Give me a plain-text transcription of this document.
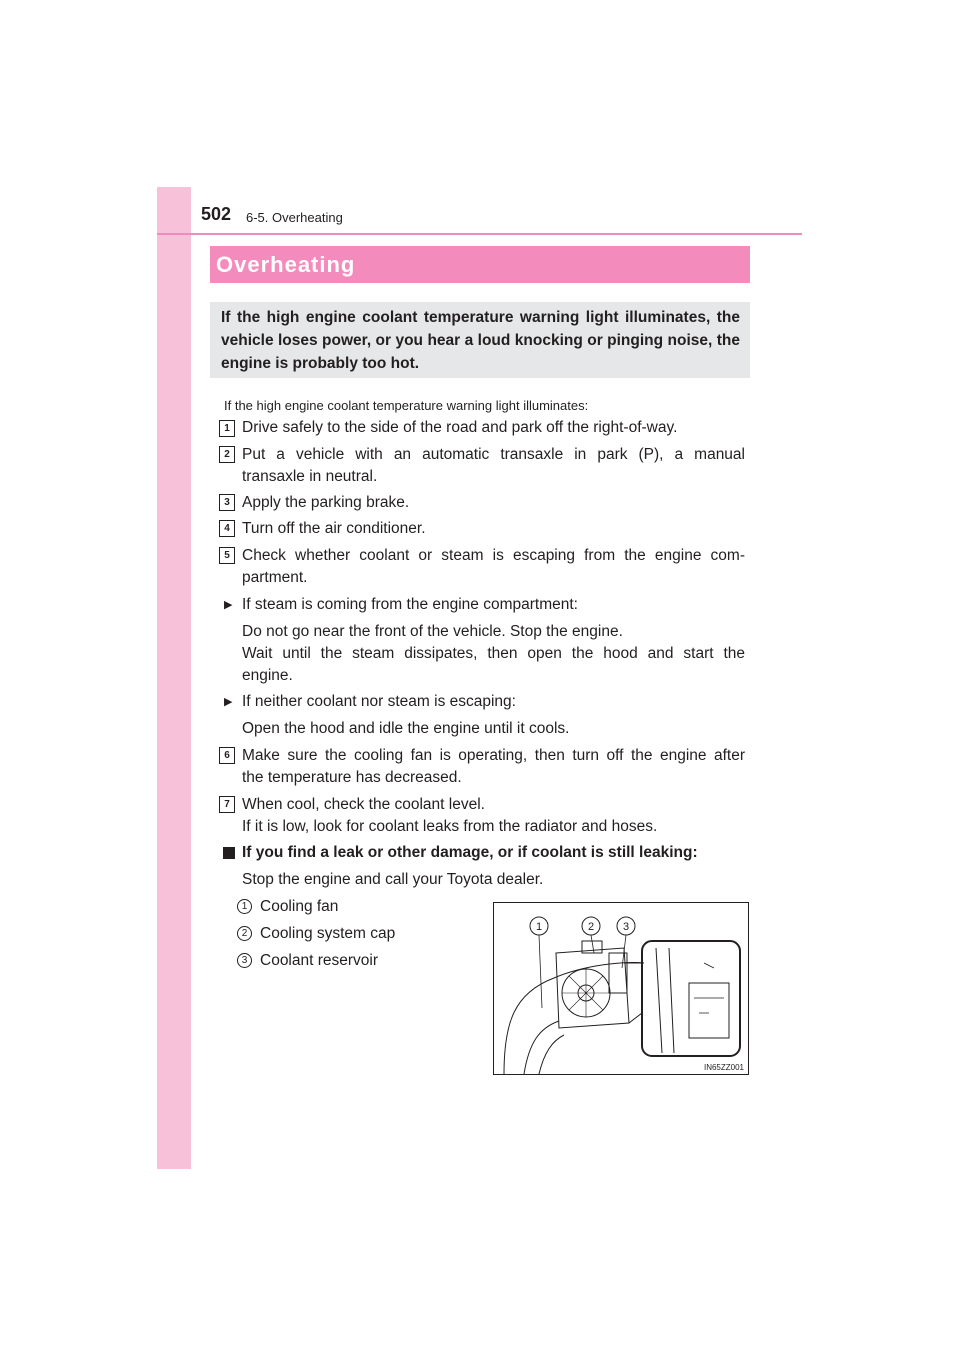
502 6-5. Overheating
Overheating
If the high engine coolant temperature warning light illuminates, the vehicle loses power, or you hear a loud knocking or pinging noise, the engine is probably too hot.
If the high engine coolant temperature warning light illuminates:
1 Drive safely to the side of the road and park off the right-of-way.
2 Put a vehicle with an automatic transaxle in park (P), a manual
transaxle in neutral.
3 Apply the parking brake.
4 Turn off the air conditioner.
5 Check whether coolant or steam is escaping from the engine com-
partment.
▶ If steam is coming from the engine compartment:
Do not go near the front of the vehicle. Stop the engine.
Wait until the steam dissipates, then open the hood and start the
engine.
▶ If neither coolant nor steam is escaping:
Open the hood and idle the engine until it cools.
6 Make sure the cooling fan is operating, then turn off the engine after
the temperature has decreased.
7 When cool, check the coolant level.
If it is low, look for coolant leaks from the radiator and hoses.
If you find a leak or other damage, or if coolant is still leaking:
Stop the engine and call your Toyota dealer.
1 Cooling fan
2 Cooling system cap
3 Coolant reservoir
1	2	3
IN65ZZ001
